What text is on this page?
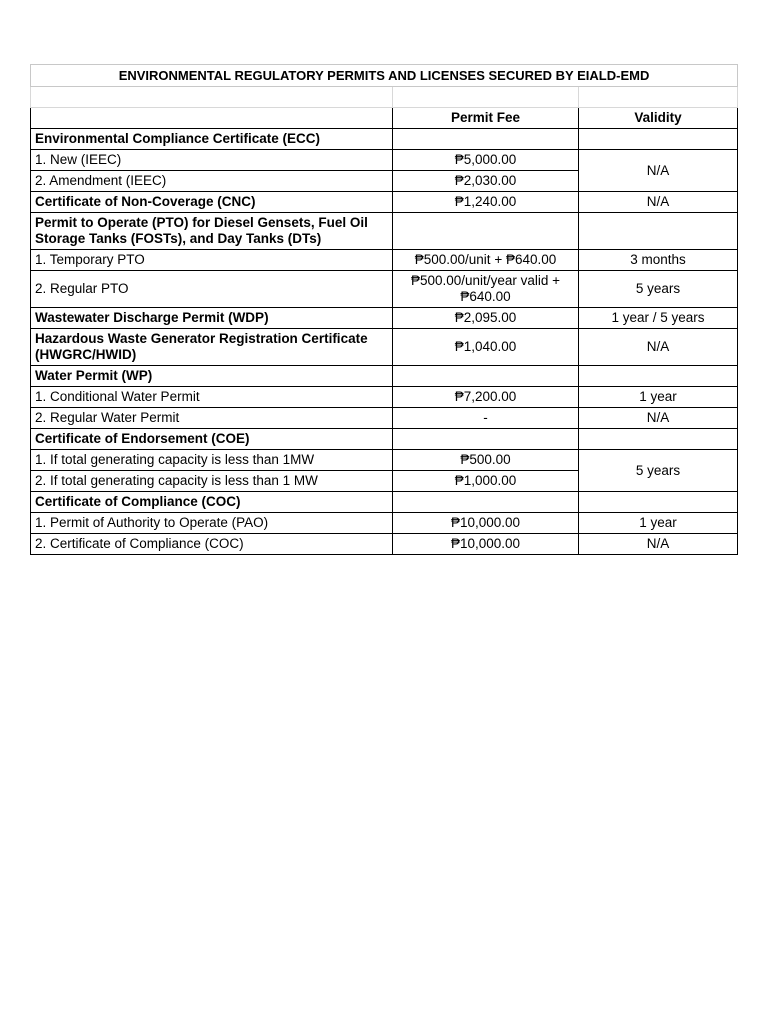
ENVIRONMENTAL REGULATORY PERMITS AND LICENSES SECURED BY EIALD-EMD		

	Permit Fee	Validity
Environmental Compliance Certificate (ECC)		
1. New (IEEC)	₱5,000.00	N/A
2. Amendment (IEEC)	₱2,030.00	
Certificate of Non-Coverage (CNC)	₱1,240.00	N/A
Permit to Operate (PTO) for Diesel Gensets, Fuel Oil Storage Tanks (FOSTs), and Day Tanks (DTs)		
1. Temporary PTO	₱500.00/unit + ₱640.00	3 months
2. Regular PTO	₱500.00/unit/year valid + ₱640.00	5 years
Wastewater Discharge Permit (WDP)	₱2,095.00	1 year / 5 years
Hazardous Waste Generator Registration Certificate (HWGRC/HWID)	₱1,040.00	N/A
Water Permit (WP)		
1. Conditional Water Permit	₱7,200.00	1 year
2. Regular Water Permit	-	N/A
Certificate of Endorsement (COE)		
1. If total generating capacity is less than 1MW	₱500.00	5 years
2. If total generating capacity is less than 1 MW	₱1,000.00	
Certificate of Compliance (COC)		
1. Permit of Authority to Operate (PAO)	₱10,000.00	1 year
2. Certificate of Compliance (COC)	₱10,000.00	N/A
